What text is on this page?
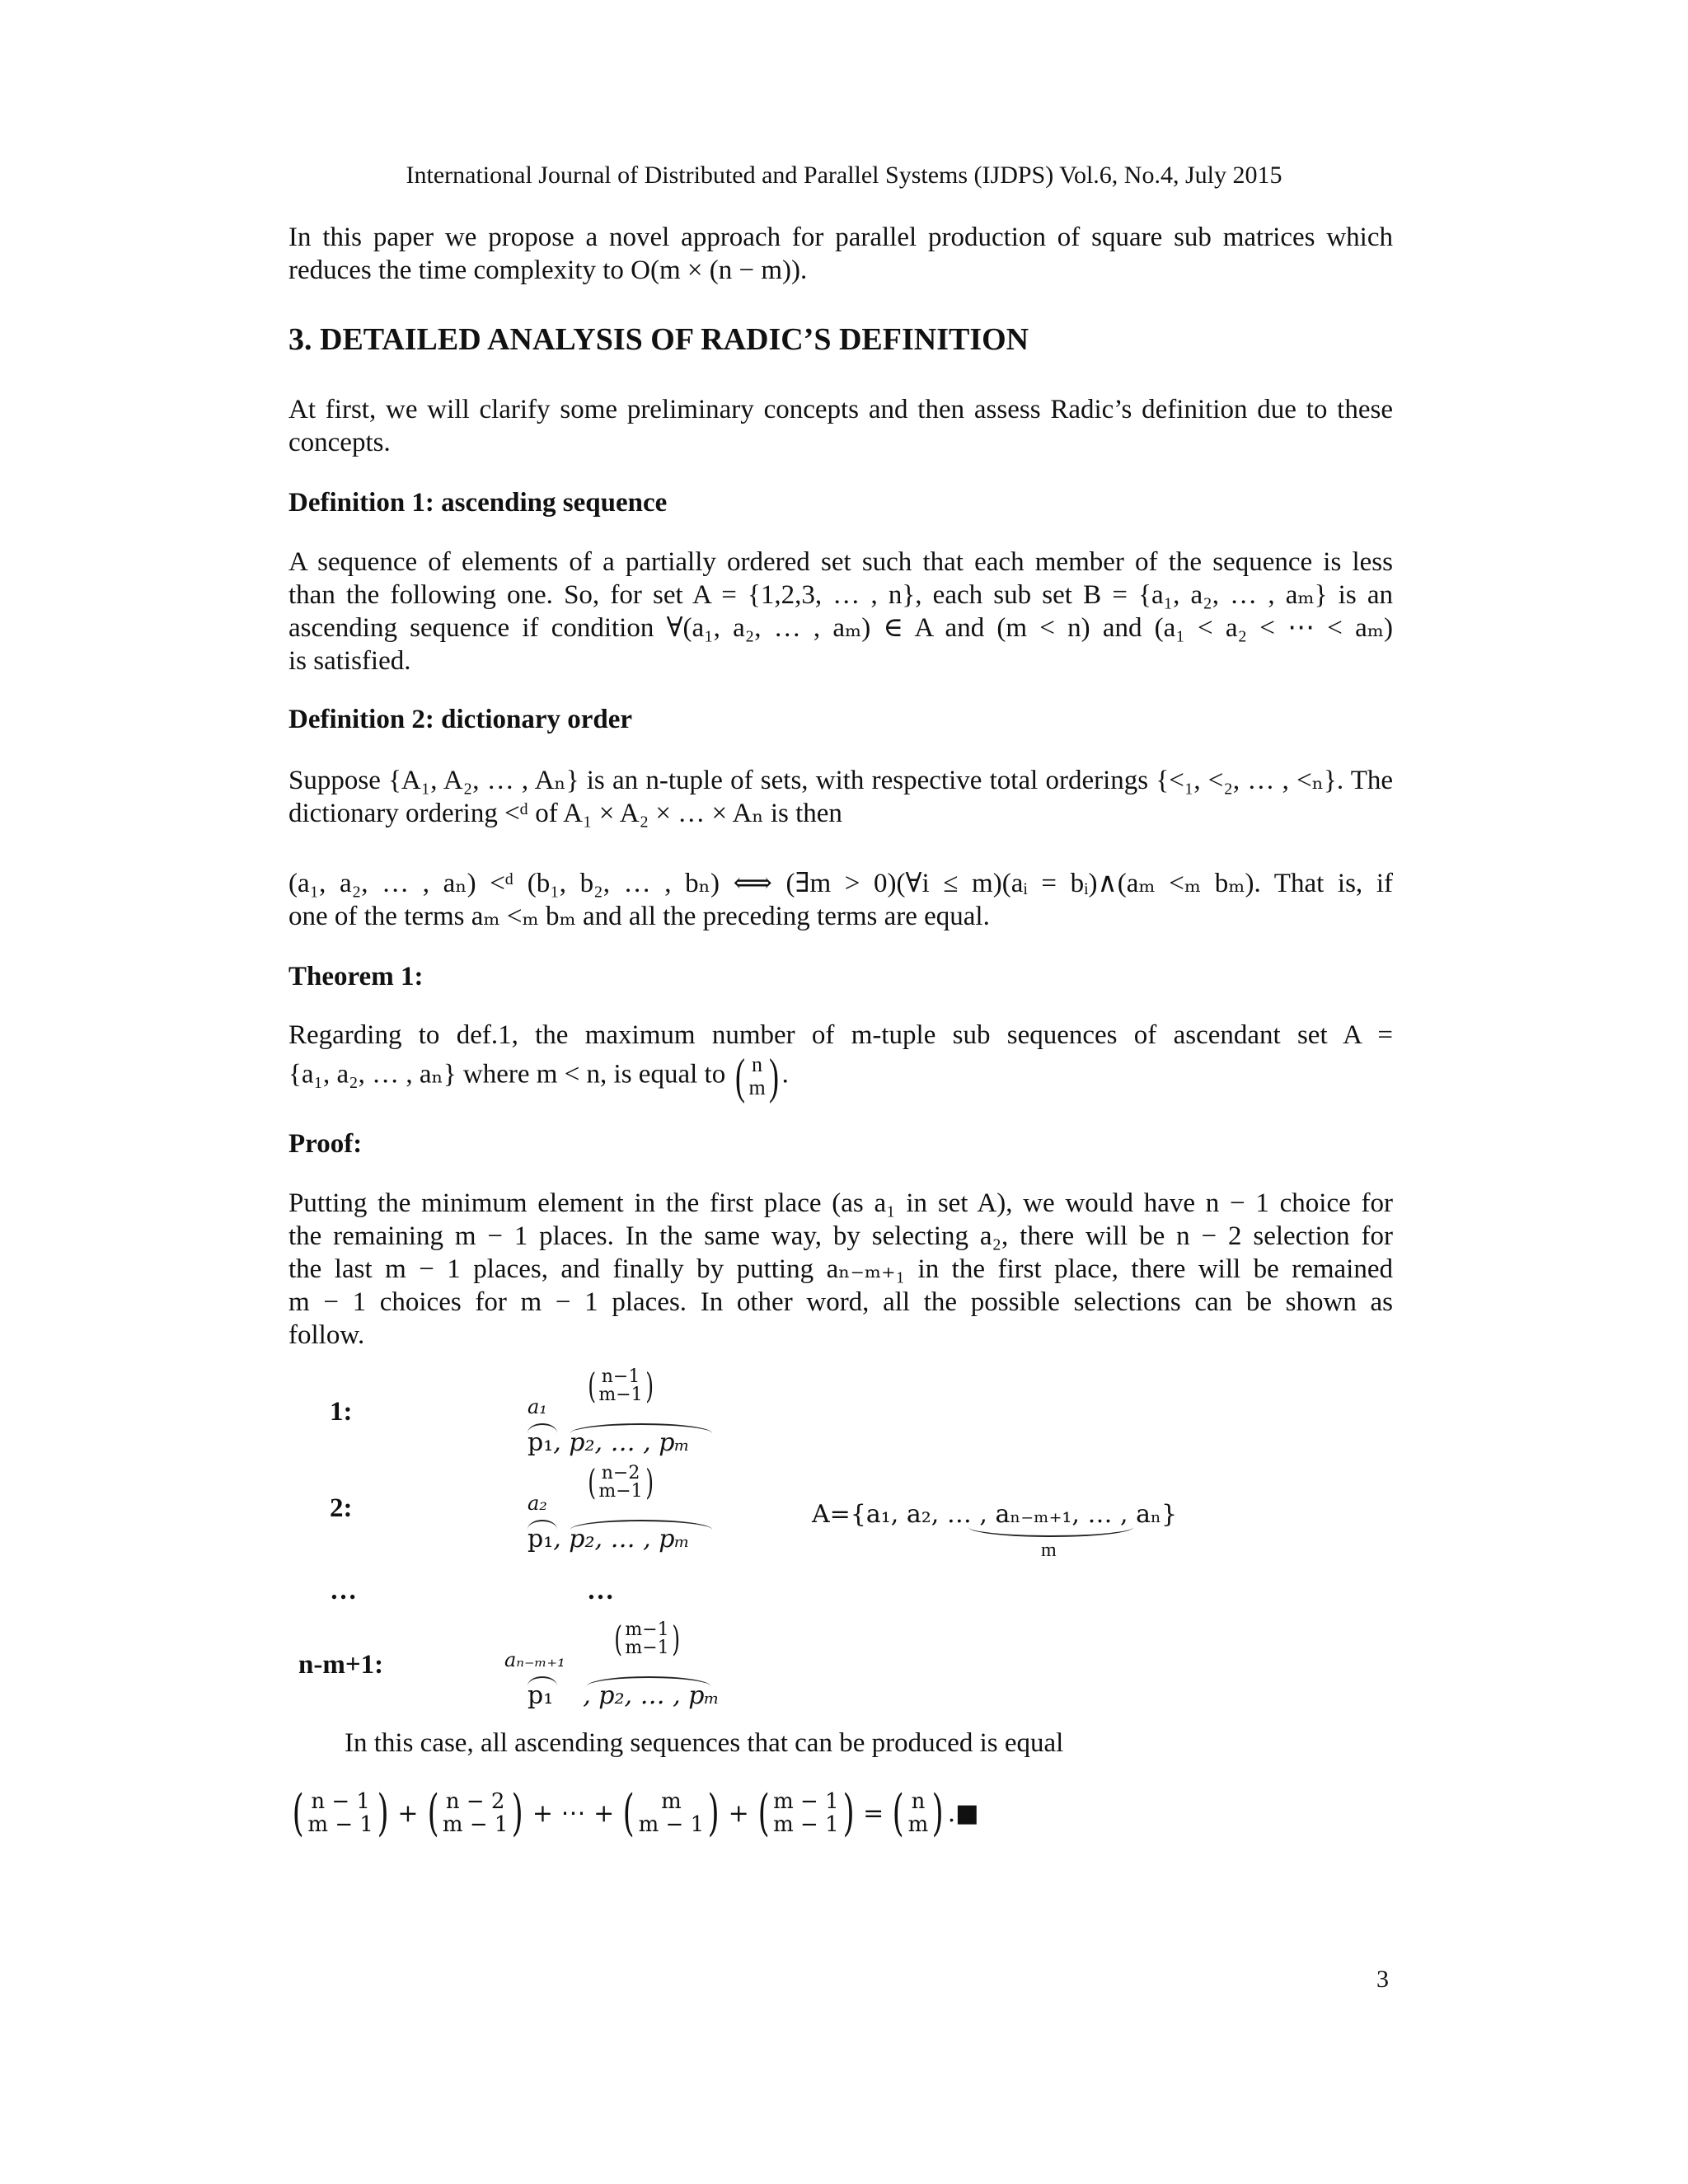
International Journal of Distributed and Parallel Systems (IJDPS) Vol.6, No.4, July 2015
In this paper we propose a novel approach for parallel production of square sub matrices which
reduces the time complexity to O(m × (n − m)).
3. DETAILED ANALYSIS OF RADIC’S DEFINITION
At first, we will clarify some preliminary concepts and then assess Radic’s definition due to these
concepts.
Definition 1: ascending sequence
A sequence of elements of a partially ordered set such that each member of the sequence is less
than the following one. So, for set A = {1,2,3, … , n}, each sub set B = {a₁, a₂, … , aₘ} is an
ascending sequence if condition ∀(a₁, a₂, … , aₘ) ∈ A and (m < n) and (a₁ < a₂ < ⋯ < aₘ)
is satisfied.
Definition 2: dictionary order
Suppose {A₁, A₂, … , Aₙ} is an n-tuple of sets, with respective total orderings {<₁, <₂, … , <ₙ}. The
dictionary ordering <ᵈ of A₁ × A₂ × … × Aₙ is then
(a₁, a₂, … , aₙ) <ᵈ (b₁, b₂, … , bₙ) ⟺ (∃m > 0)(∀i ≤ m)(aᵢ = bᵢ)∧(aₘ <ₘ bₘ). That is, if
one of the terms aₘ <ₘ bₘ and all the preceding terms are equal.
Theorem 1:
Regarding to def.1, the maximum number of m-tuple sub sequences of ascendant set A =
{a₁, a₂, … , aₙ} where m < n, is equal to ( n
m ) .
Proof:
Putting the minimum element in the first place (as a₁ in set A), we would have n − 1 choice for
the remaining m − 1 places. In the same way, by selecting a₂, there will be n − 2 selection for
the last m − 1 places, and finally by putting aₙ₋ₘ₊₁ in the first place, there will be remained
m − 1 choices for m − 1 places. In other word, all the possible selections can be shown as
follow.
1:	a₁
( n−1
m−1 )
p₁, p₂, … , pₘ
2:	a₂
( n−2
m−1 )
p₁, p₂, … , pₘ
A={a₁, a₂, … , aₙ₋ₘ₊₁, … , aₙ}
m
…	…
n-m+1:	aₙ₋ₘ₊₁
( m−1
m−1 )
p₁ , p₂, … , pₘ
In this case, all ascending sequences that can be produced is equal
( n − 1
m − 1 ) + ( n − 2
m − 1 ) + ⋯ + ( m
m − 1 ) + ( m − 1
m − 1 ) = ( n
m ) .■
3
